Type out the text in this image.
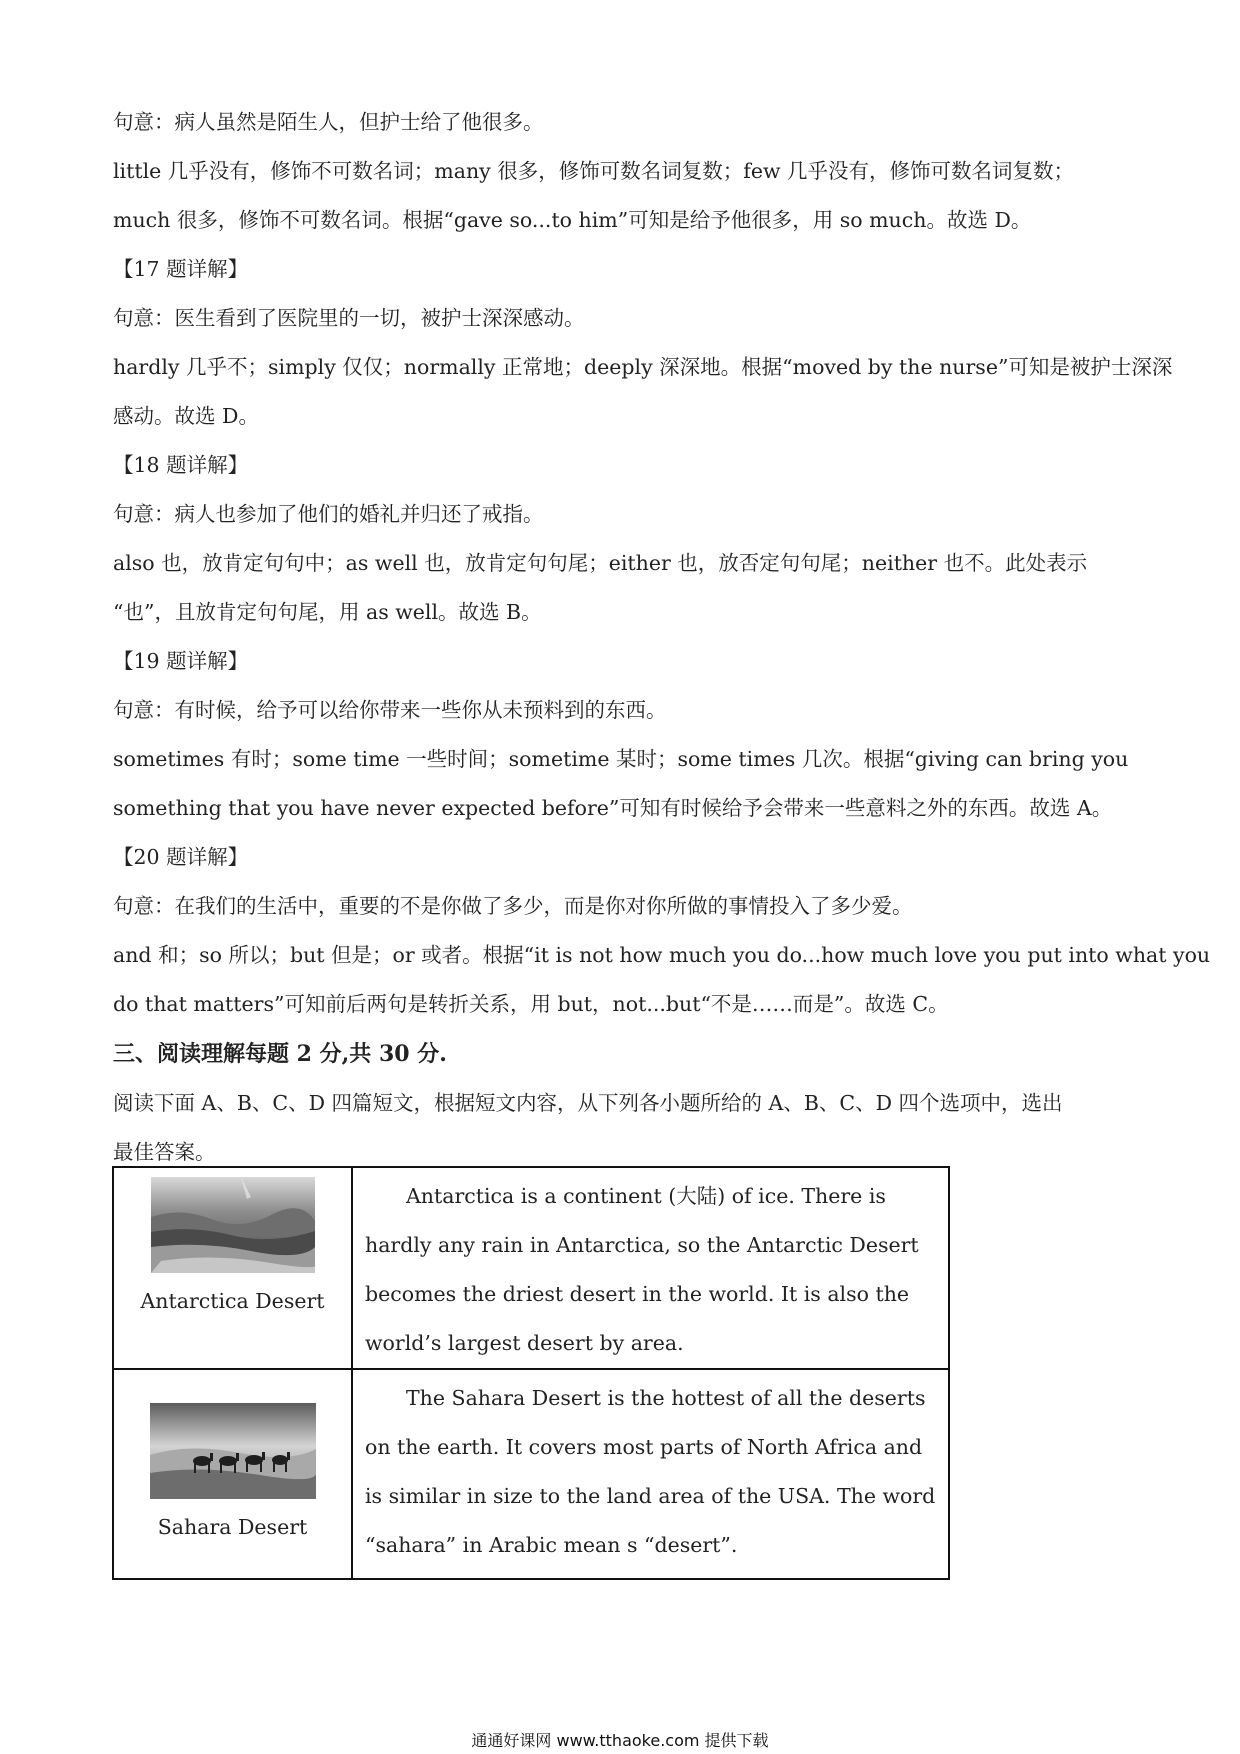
句意：病人虽然是陌生人，但护士给了他很多。
little 几乎没有，修饰不可数名词；many 很多，修饰可数名词复数；few 几乎没有，修饰可数名词复数；
much 很多，修饰不可数名词。根据“gave so...to him”可知是给予他很多，用 so much。故选 D。
【17 题详解】
句意：医生看到了医院里的一切，被护士深深感动。
hardly 几乎不；simply 仅仅；normally 正常地；deeply 深深地。根据“moved by the nurse”可知是被护士深深
感动。故选 D。
【18 题详解】
句意：病人也参加了他们的婚礼并归还了戒指。
also 也，放肯定句句中；as well 也，放肯定句句尾；either 也，放否定句句尾；neither 也不。此处表示
“也”，且放肯定句句尾，用 as well。故选 B。
【19 题详解】
句意：有时候，给予可以给你带来一些你从未预料到的东西。
sometimes 有时；some time 一些时间；sometime 某时；some times 几次。根据“giving can bring you
something that you have never expected before”可知有时候给予会带来一些意料之外的东西。故选 A。
【20 题详解】
句意：在我们的生活中，重要的不是你做了多少，而是你对你所做的事情投入了多少爱。
and 和；so 所以；but 但是；or 或者。根据“it is not how much you do...how much love you put into what you
do that matters”可知前后两句是转折关系，用 but，not...but“不是……而是”。故选 C。
三、阅读理解每题 2 分,共 30 分.
阅读下面 A、B、C、D 四篇短文，根据短文内容，从下列各小题所给的 A、B、C、D 四个选项中，选出
最佳答案。
Antarctica Desert	Antarctica is a continent (大陆) of ice. There is hardly any rain in Antarctica, so the Antarctic Desert becomes the driest desert in the world. It is also the world’s largest desert by area.

Sahara Desert	The Sahara Desert is the hottest of all the deserts on the earth. It covers most parts of North Africa and is similar in size to the land area of the USA. The word “sahara” in Arabic mean s “desert”.
通通好课网 www.tthaoke.com 提供下载
